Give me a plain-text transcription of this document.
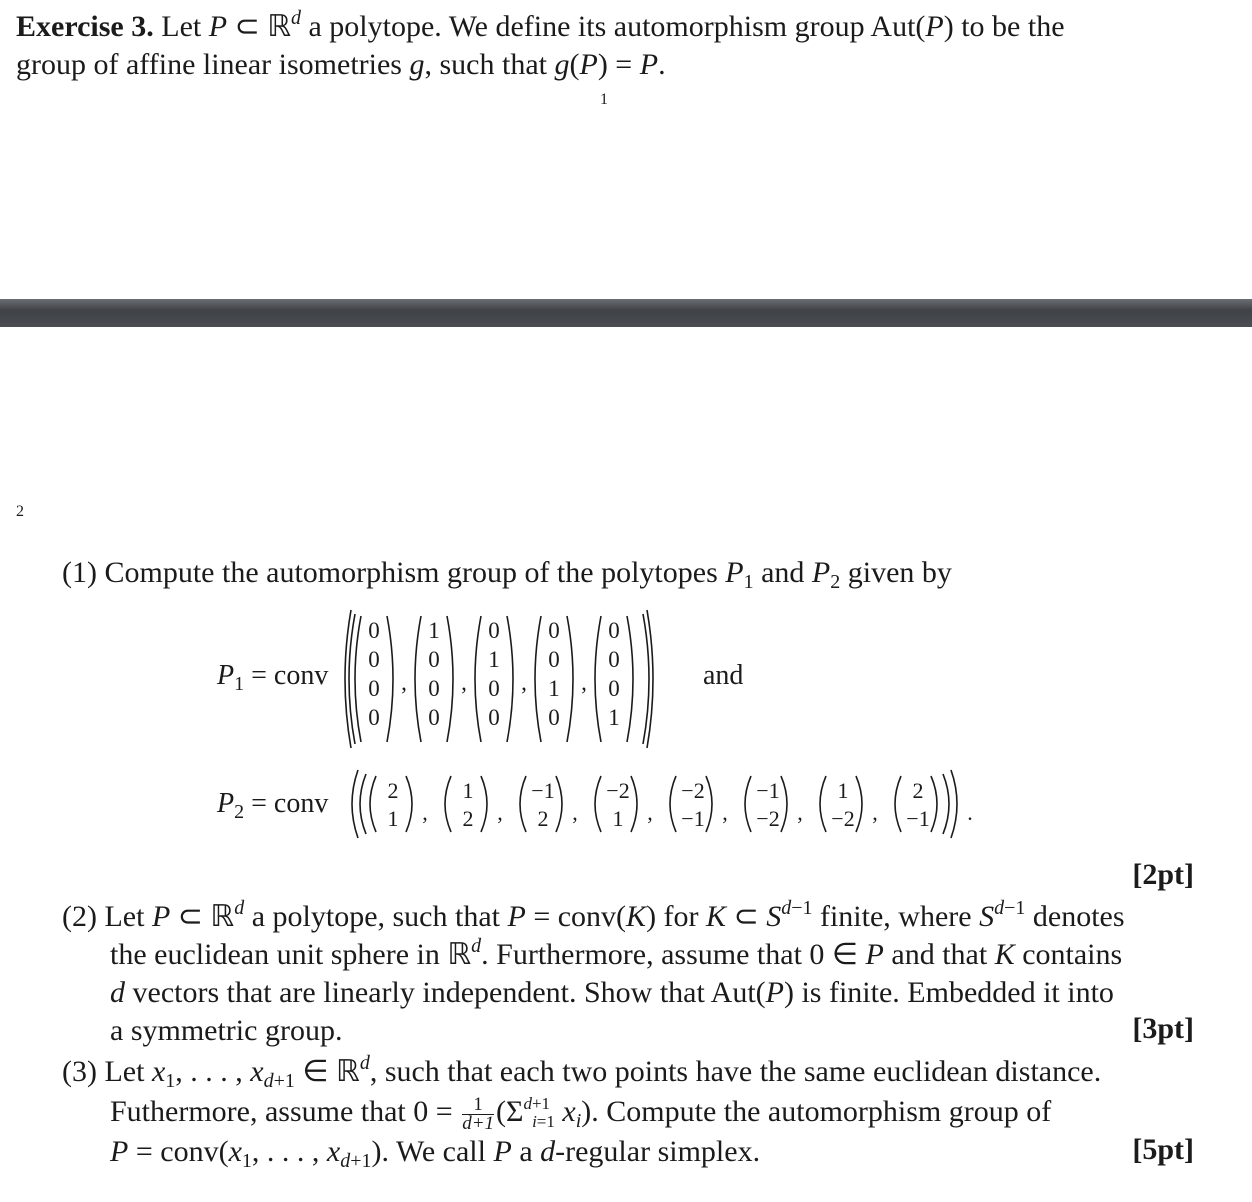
Exercise 3. Let P ⊂ ℝ$^d$ a polytope. We define its automorphism group Aut(P) to be the
group of affine linear isometries g, such that g(P) = P.
1
2
(1) Compute the automorphism group of the polytopes $P_1$ and $P_2$ given by
$P_1$ = conv
0
0
0
0
,
1
0
0
0
,
0
1
0
0
,
0
0
1
0
,
0
0
0
1
and
$P_2$ = conv	2
1 ,
1
2 ,
−1
2 ,
−2
1 ,
−2
−1 ,
−1
−2 ,
1
−2 ,
2
−1 .
[2pt]
(2) Let P ⊂ ℝ$^d$ a polytope, such that P = conv(K) for K ⊂ $S^{d-1}$ finite, where $S^{d-1}$ denotes
the euclidean unit sphere in ℝ$^d$. Furthermore, assume that 0 ∈ P and that K contains
d vectors that are linearly independent. Show that Aut(P) is finite. Embedded it into
a symmetric group.	[3pt]
(3) Let $x_1$, . . . , $x_{d+1}$ ∈ ℝ$^d$, such that each two points have the same euclidean distance.
Futhermore, assume that $0 = \frac{1}{d+1} (\Sigma^{d+1}_{i=1}$ $x_i$). Compute the automorphism group of
$P = conv(x_1$, . . . , $x_{d+1}$). We call P a d-regular simplex.	[5pt]
